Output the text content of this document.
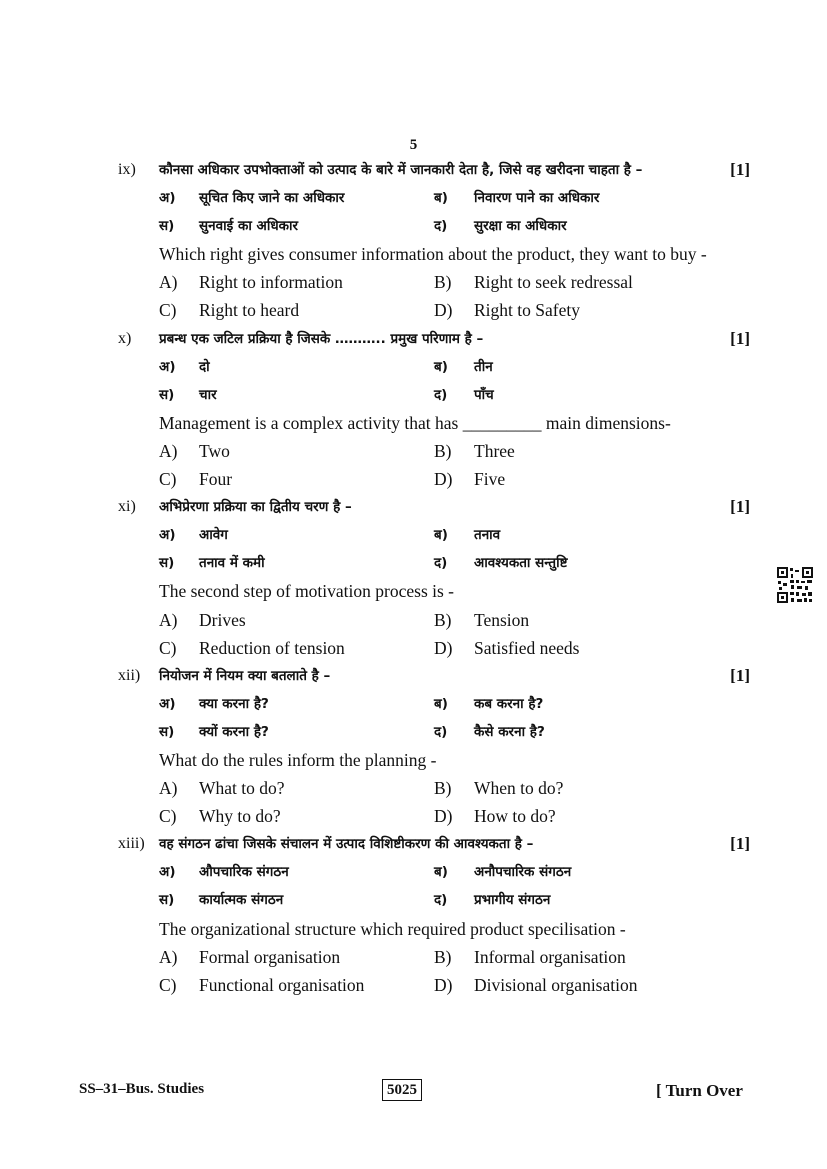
5
ix) कौनसा अधिकार उपभोक्ताओं को उत्पाद के बारे में जानकारी देता है, जिसे वह खरीदना चाहता है –	[1]
अ) सूचित किए जाने का अधिकार	ब) निवारण पाने का अधिकार
स) सुनवाई का अधिकार	द) सुरक्षा का अधिकार
Which right gives consumer information about the product, they want to buy -
A) Right to information	B) Right to seek redressal
C) Right to heard	D) Right to Safety
x) प्रबन्ध एक जटिल प्रक्रिया है जिसके ……….. प्रमुख परिणाम है –	[1]
अ) दो	ब) तीन
स) चार	द) पाँच
Management is a complex activity that has _________ main dimensions-
A) Two	B) Three
C) Four	D) Five
xi) अभिप्रेरणा प्रक्रिया का द्वितीय चरण है –	[1]
अ) आवेग	ब) तनाव
स) तनाव में कमी	द) आवश्यकता सन्तुष्टि
The second step of motivation process is -
A) Drives	B) Tension
C) Reduction of tension	D) Satisfied needs
xii) नियोजन में नियम क्या बतलाते है –	[1]
अ) क्या करना है?	ब) कब करना है?
स) क्यों करना है?	द) कैसे करना है?
What do the rules inform the planning -
A) What to do?	B) When to do?
C) Why to do?	D) How to do?
xiii) वह संगठन ढांचा जिसके संचालन में उत्पाद विशिष्टीकरण की आवश्यकता है –	[1]
अ) औपचारिक संगठन	ब) अनौपचारिक संगठन
स) कार्यात्मक संगठन	द) प्रभागीय संगठन
The organizational structure which required product specilisation -
A) Formal organisation	B) Informal organisation
C) Functional organisation	D) Divisional organisation
SS–31–Bus. Studies	5025	[ Turn Over
